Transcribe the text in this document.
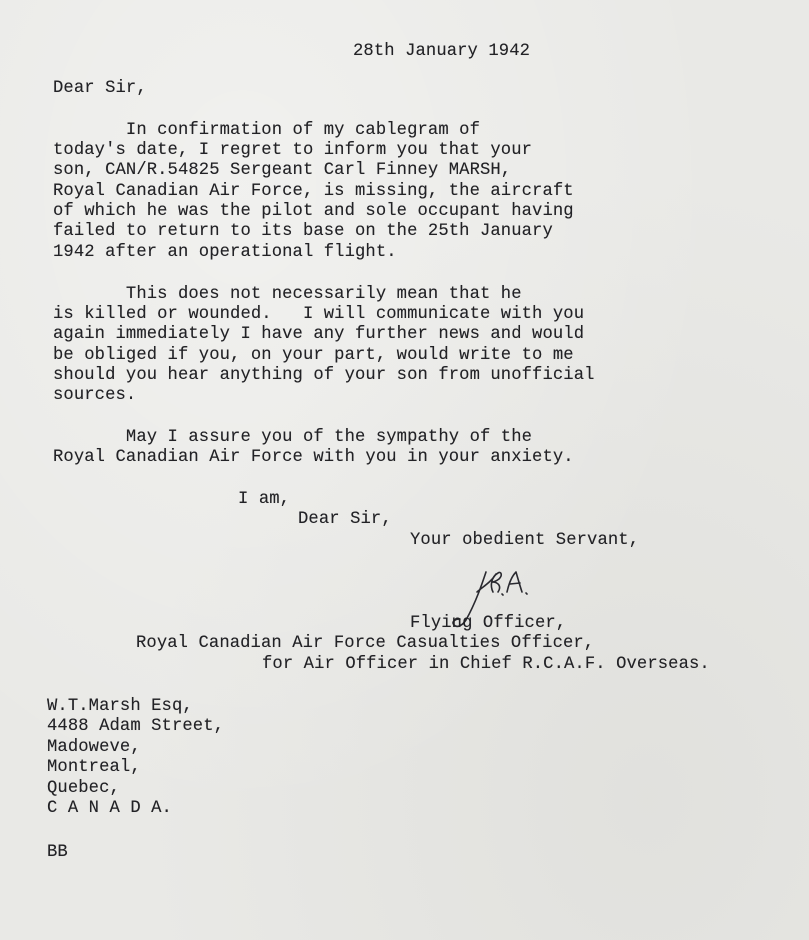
28th January 1942
Dear Sir,
In confirmation of my cablegram of
today's date, I regret to inform you that your
son, CAN/R.54825 Sergeant Carl Finney MARSH,
Royal Canadian Air Force, is missing, the aircraft
of which he was the pilot and sole occupant having
failed to return to its base on the 25th January
1942 after an operational flight.
This does not necessarily mean that he
is killed or wounded.   I will communicate with you
again immediately I have any further news and would
be obliged if you, on your part, would write to me
should you hear anything of your son from unofficial
sources.
May I assure you of the sympathy of the
Royal Canadian Air Force with you in your anxiety.
I am,
Dear Sir,
Your obedient Servant,
Flying Officer,
Royal Canadian Air Force Casualties Officer,
for Air Officer in Chief R.C.A.F. Overseas.
W.T.Marsh Esq,
4488 Adam Street,
Madoweve,
Montreal,
Quebec,
C A N A D A.
BB
